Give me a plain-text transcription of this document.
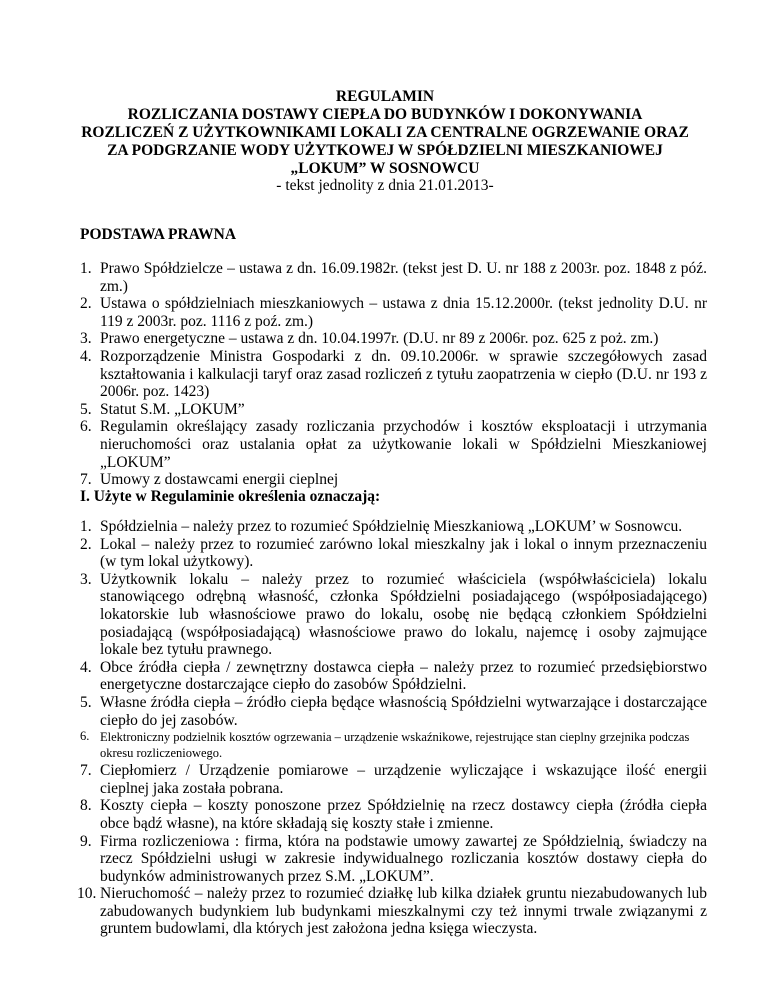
REGULAMIN
ROZLICZANIA DOSTAWY CIEPŁA DO BUDYNKÓW I DOKONYWANIA
ROZLICZEŃ Z UŻYTKOWNIKAMI LOKALI ZA CENTRALNE OGRZEWANIE ORAZ
ZA PODGRZANIE WODY UŻYTKOWEJ W SPÓŁDZIELNI MIESZKANIOWEJ
„LOKUM” W SOSNOWCU
- tekst jednolity z dnia 21.01.2013-
PODSTAWA PRAWNA
1. Prawo Spółdzielcze – ustawa z dn. 16.09.1982r. (tekst jest D. U. nr 188 z 2003r. poz. 1848 z póź. zm.)
2. Ustawa o spółdzielniach mieszkaniowych – ustawa z dnia 15.12.2000r. (tekst jednolity D.U. nr 119 z 2003r. poz. 1116 z poź. zm.)
3. Prawo energetyczne – ustawa z dn. 10.04.1997r. (D.U. nr 89 z 2006r. poz. 625 z poż. zm.)
4. Rozporządzenie Ministra Gospodarki z dn. 09.10.2006r. w sprawie szczegółowych zasad kształtowania i kalkulacji taryf oraz zasad rozliczeń z tytułu zaopatrzenia w ciepło (D.U. nr 193 z 2006r. poz. 1423)
5. Statut S.M. „LOKUM”
6. Regulamin określający zasady rozliczania przychodów i kosztów eksploatacji i utrzymania nieruchomości oraz ustalania opłat za użytkowanie lokali w Spółdzielni Mieszkaniowej „LOKUM”
7. Umowy z dostawcami energii cieplnej
I. Użyte w Regulaminie określenia oznaczają:
1. Spółdzielnia – należy przez to rozumieć Spółdzielnię Mieszkaniową „LOKUM’ w Sosnowcu.
2. Lokal – należy przez to rozumieć zarówno lokal mieszkalny jak i lokal o innym przeznaczeniu (w tym lokal użytkowy).
3. Użytkownik lokalu – należy przez to rozumieć właściciela (współwłaściciela) lokalu stanowiącego odrębną własność, członka Spółdzielni posiadającego (współposiadającego) lokatorskie lub własnościowe prawo do lokalu, osobę nie będącą członkiem Spółdzielni posiadającą (współposiadającą) własnościowe prawo do lokalu, najemcę i osoby zajmujące lokale bez tytułu prawnego.
4. Obce źródła ciepła / zewnętrzny dostawca ciepła – należy przez to rozumieć przedsiębiorstwo energetyczne dostarczające ciepło do zasobów Spółdzielni.
5. Własne źródła ciepła – źródło ciepła będące własnością Spółdzielni wytwarzające i dostarczające ciepło do jej zasobów.
6. Elektroniczny podzielnik kosztów ogrzewania – urządzenie wskaźnikowe, rejestrujące stan cieplny grzejnika podczas okresu rozliczeniowego.
7. Ciepłomierz / Urządzenie pomiarowe – urządzenie wyliczające i wskazujące ilość energii cieplnej jaka została pobrana.
8. Koszty ciepła – koszty ponoszone przez Spółdzielnię na rzecz dostawcy ciepła (źródła ciepła obce bądź własne), na które składają się koszty stałe i zmienne.
9. Firma rozliczeniowa : firma, która na podstawie umowy zawartej ze Spółdzielnią, świadczy na rzecz Spółdzielni usługi w zakresie indywidualnego rozliczania kosztów dostawy ciepła do budynków administrowanych przez S.M. „LOKUM”.
10. Nieruchomość – należy przez to rozumieć działkę lub kilka działek gruntu niezabudowanych lub zabudowanych budynkiem lub budynkami mieszkalnymi czy też innymi trwale związanymi z gruntem budowlami, dla których jest założona jedna księga wieczysta.
